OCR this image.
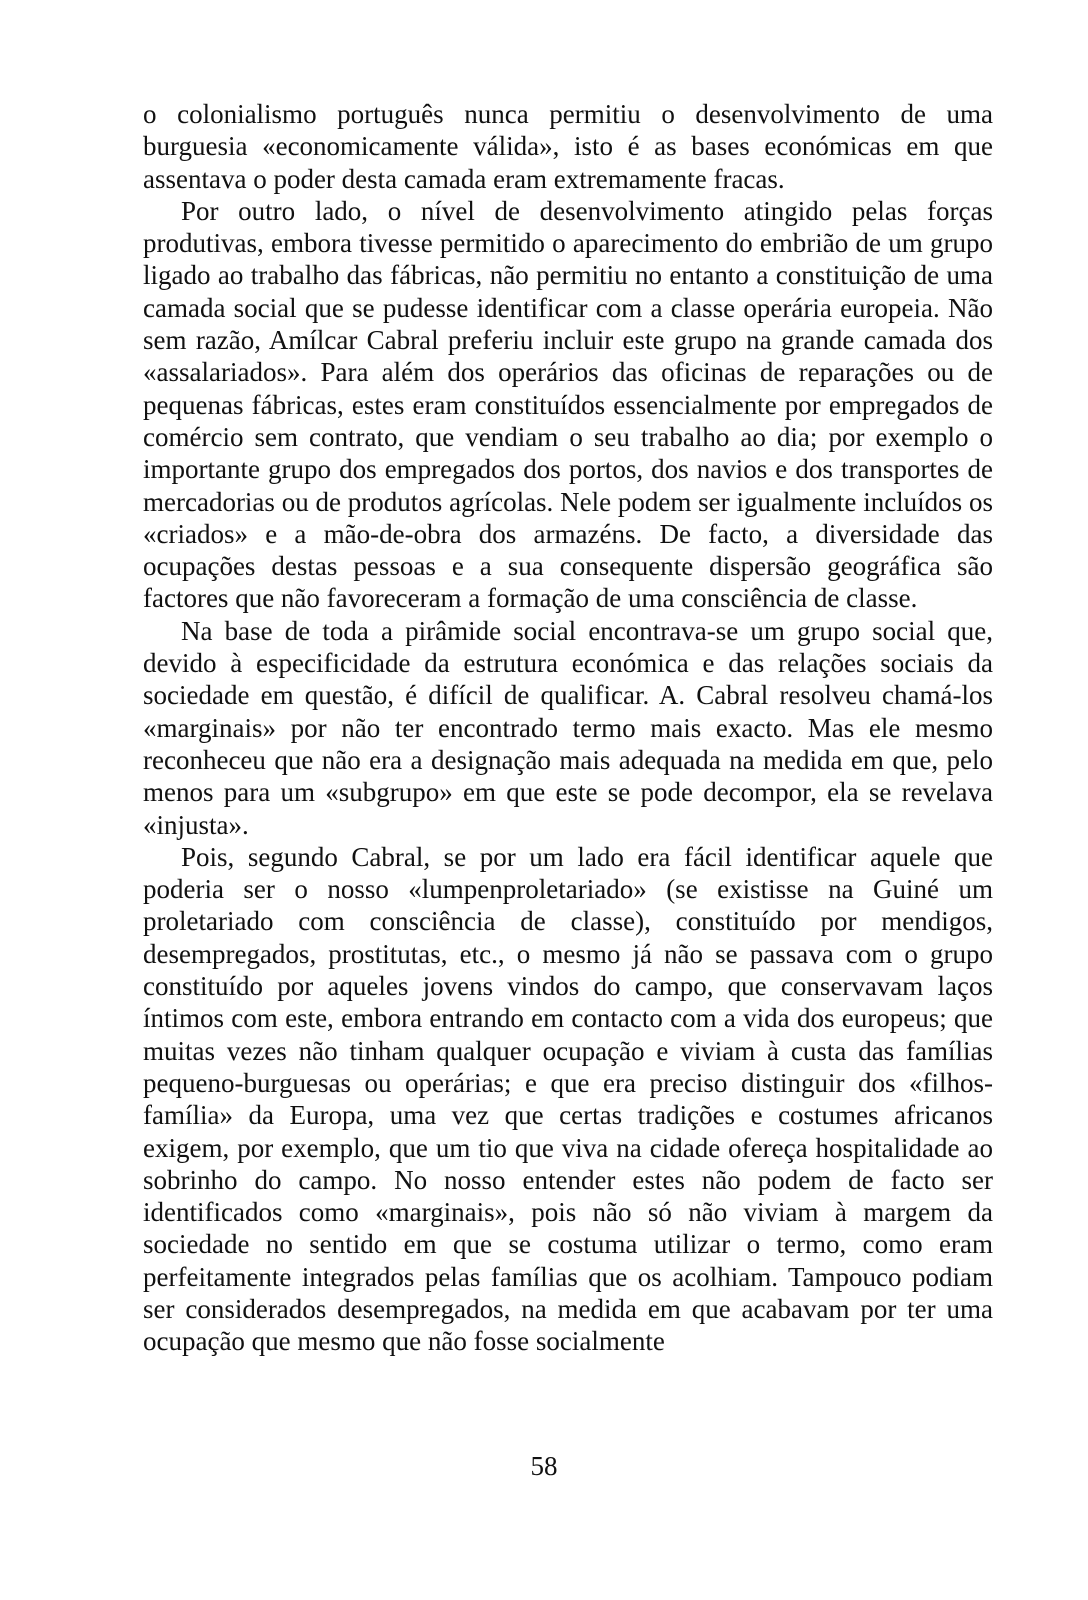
o colonialismo português nunca permitiu o desenvolvimento de uma burguesia «economicamente válida», isto é as bases económicas em que assentava o poder desta camada eram extremamente fracas.

Por outro lado, o nível de desenvolvimento atingido pelas forças produtivas, embora tivesse permitido o aparecimento do embrião de um grupo ligado ao trabalho das fábricas, não permitiu no entanto a constituição de uma camada social que se pudesse identificar com a classe operária europeia. Não sem razão, Amílcar Cabral preferiu incluir este grupo na grande camada dos «assalariados». Para além dos operários das oficinas de reparações ou de pequenas fábricas, estes eram constituídos essencialmente por empregados de comércio sem contrato, que vendiam o seu trabalho ao dia; por exemplo o importante grupo dos empregados dos portos, dos navios e dos transportes de mercadorias ou de produtos agrícolas. Nele podem ser igualmente incluídos os «criados» e a mão-de-obra dos armazéns. De facto, a diversidade das ocupações destas pessoas e a sua consequente dispersão geográfica são factores que não favoreceram a formação de uma consciência de classe.

Na base de toda a pirâmide social encontrava-se um grupo social que, devido à especificidade da estrutura económica e das relações sociais da sociedade em questão, é difícil de qualificar. A. Cabral resolveu chamá-los «marginais» por não ter encontrado termo mais exacto. Mas ele mesmo reconheceu que não era a designação mais adequada na medida em que, pelo menos para um «subgrupo» em que este se pode decompor, ela se revelava «injusta».

Pois, segundo Cabral, se por um lado era fácil identificar aquele que poderia ser o nosso «lumpenproletariado» (se existisse na Guiné um proletariado com consciência de classe), constituído por mendigos, desempregados, prostitutas, etc., o mesmo já não se passava com o grupo constituído por aqueles jovens vindos do campo, que conservavam laços íntimos com este, embora entrando em contacto com a vida dos europeus; que muitas vezes não tinham qualquer ocupação e viviam à custa das famílias pequeno-burguesas ou operárias; e que era preciso distinguir dos «filhos-família» da Europa, uma vez que certas tradições e costumes africanos exigem, por exemplo, que um tio que viva na cidade ofereça hospitalidade ao sobrinho do campo. No nosso entender estes não podem de facto ser identificados como «marginais», pois não só não viviam à margem da sociedade no sentido em que se costuma utilizar o termo, como eram perfeitamente integrados pelas famílias que os acolhiam. Tampouco podiam ser considerados desempregados, na medida em que acabavam por ter uma ocupação que mesmo que não fosse socialmente

58
